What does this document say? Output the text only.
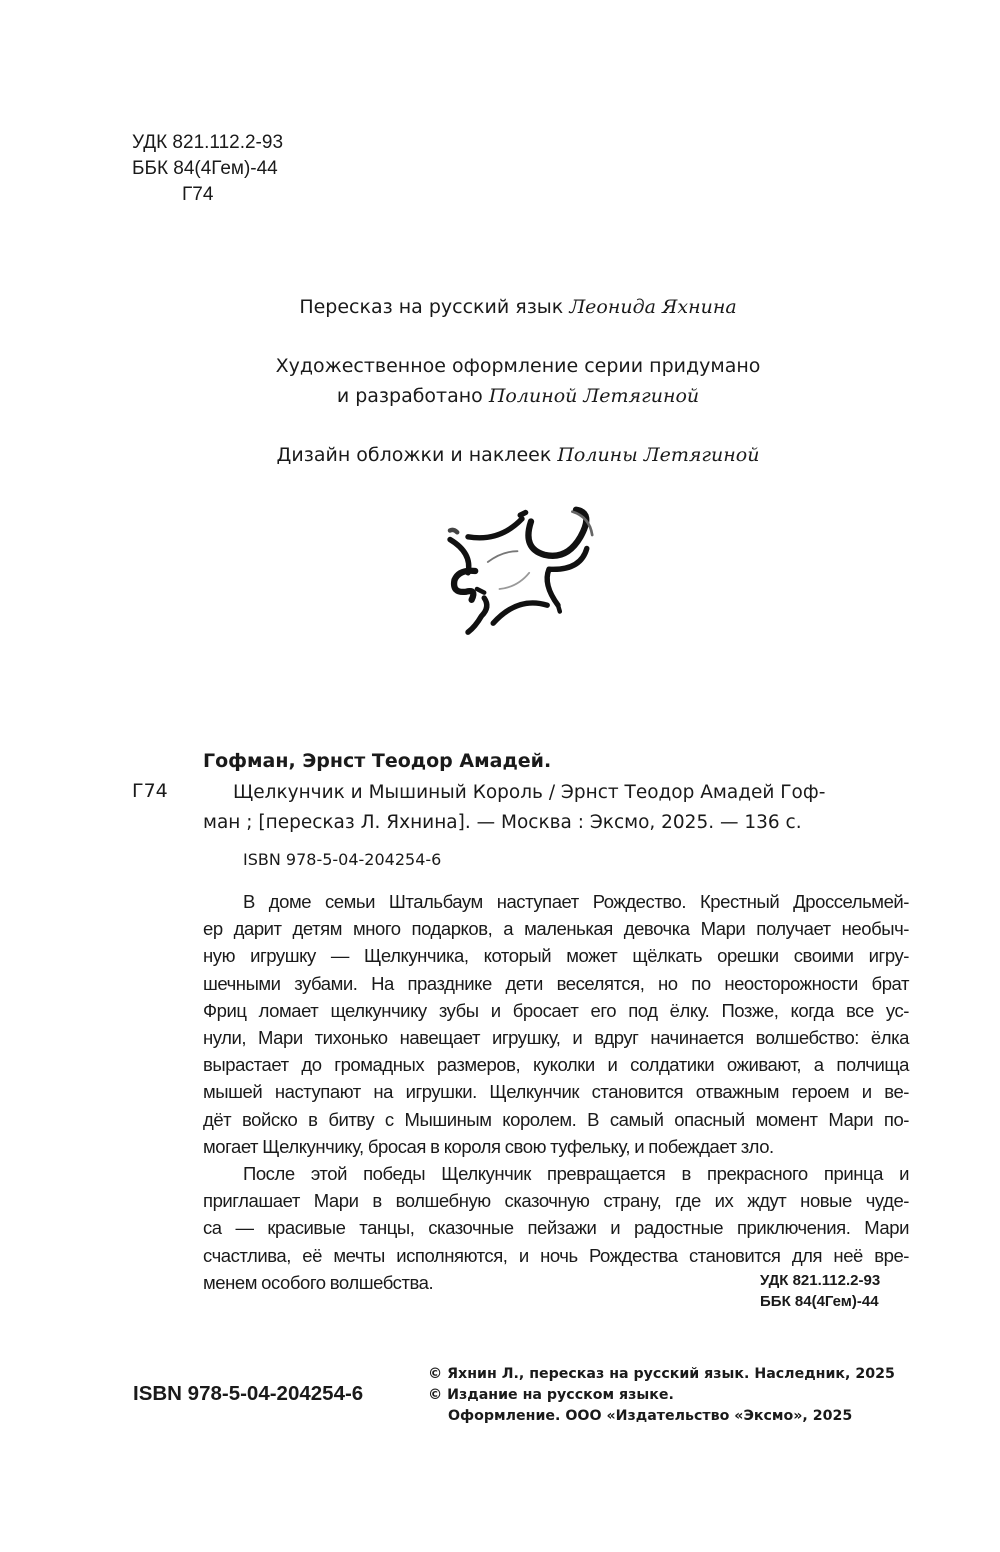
УДК 821.112.2-93
ББК 84(4Гем)-44
Г74
Пересказ на русский язык Леонида Яхнина
Художественное оформление серии придумано
и разработано Полиной Летягиной
Дизайн обложки и наклеек Полины Летягиной
Гофман, Эрнст Теодор Амадей.
Г74	Щелкунчик и Мышиный Король / Эрнст Теодор Амадей Гоф-
ман ; [пересказ Л. Яхнина]. — Москва : Эксмо, 2025. — 136 с.
ISBN 978-5-04-204254-6
В доме семьи Штальбаум наступает Рождество. Крестный Дроссельмей-
ер дарит детям много подарков, а маленькая девочка Мари получает необыч-
ную игрушку — Щелкунчика, который может щёлкать орешки своими игру-
шечными зубами. На празднике дети веселятся, но по неосторожности брат
Фриц ломает щелкунчику зубы и бросает его под ёлку. Позже, когда все ус-
нули, Мари тихонько навещает игрушку, и вдруг начинается волшебство: ёлка
вырастает до громадных размеров, куколки и солдатики оживают, а полчища
мышей наступают на игрушки. Щелкунчик становится отважным героем и ве-
дёт войско в битву с Мышиным королем. В самый опасный момент Мари по-
могает Щелкунчику, бросая в короля свою туфельку, и побеждает зло.
После этой победы Щелкунчик превращается в прекрасного принца и
приглашает Мари в волшебную сказочную страну, где их ждут новые чуде-
са — красивые танцы, сказочные пейзажи и радостные приключения. Мари
счастлива, её мечты исполняются, и ночь Рождества становится для неё вре-
менем особого волшебства.	УДК 821.112.2-93
ББК 84(4Гем)-44
ISBN 978-5-04-204254-6
© Яхнин Л., пересказ на русский язык. Наследник, 2025
© Издание на русском языке.
Оформление. ООО «Издательство «Эксмо», 2025
